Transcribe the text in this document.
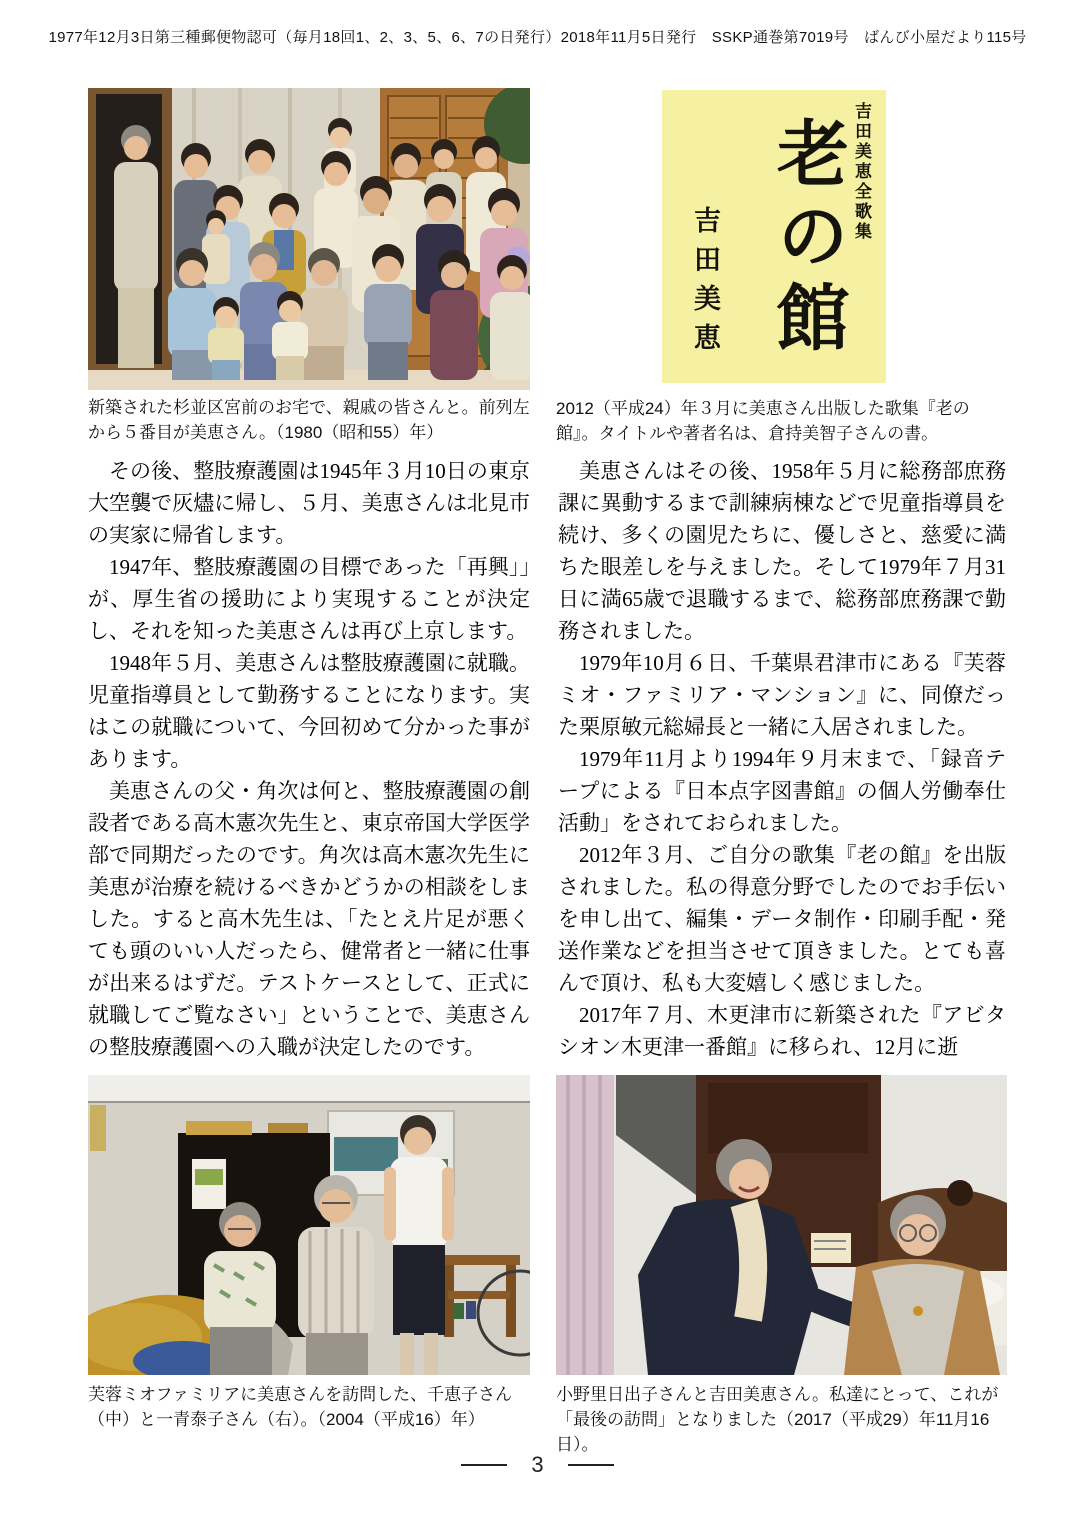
1977年12月3日第三種郵便物認可（毎月18回1、2、3、5、6、7の日発行）2018年11月5日発行　SSKP通巻第7019号　ばんび小屋だより115号
新築された杉並区宮前のお宅で、親戚の皆さんと。前列左から５番目が美恵さん。（1980（昭和55）年）
吉田美恵全歌集
老の館
吉田美恵
2012（平成24）年３月に美恵さん出版した歌集『老の館』。タイトルや著者名は、倉持美智子さんの書。

その後、整肢療護園は1945年３月10日の東京大空襲で灰燼に帰し、５月、美恵さんは北見市の実家に帰省します。

1947年、整肢療護園の目標であった「再興」」が、厚生省の援助により実現することが決定し、それを知った美恵さんは再び上京します。

1948年５月、美恵さんは整肢療護園に就職。児童指導員として勤務することになります。実はこの就職について、今回初めて分かった事があります。

美恵さんの父・角次は何と、整肢療護園の創設者である高木憲次先生と、東京帝国大学医学部で同期だったのです。角次は高木憲次先生に美恵が治療を続けるべきかどうかの相談をしました。すると高木先生は、「たとえ片足が悪くても頭のいい人だったら、健常者と一緒に仕事が出来るはずだ。テストケースとして、正式に就職してご覧なさい」ということで、美恵さんの整肢療護園への入職が決定したのです。

美恵さんはその後、1958年５月に総務部庶務課に異動するまで訓練病棟などで児童指導員を続け、多くの園児たちに、優しさと、慈愛に満ちた眼差しを与えました。そして1979年７月31日に満65歳で退職するまで、総務部庶務課で勤務されました。

1979年10月６日、千葉県君津市にある『芙蓉ミオ・ファミリア・マンション』に、同僚だった栗原敏元総婦長と一緒に入居されました。

1979年11月より1994年９月末まで、「録音テープによる『日本点字図書館』の個人労働奉仕活動」をされておられました。

2012年３月、ご自分の歌集『老の館』を出版されました。私の得意分野でしたのでお手伝いを申し出て、編集・データ制作・印刷手配・発送作業などを担当させて頂きました。とても喜んで頂け、私も大変嬉しく感じました。

2017年７月、木更津市に新築された『アビタシオン木更津一番館』に移られ、12月に逝

芙蓉ミオファミリアに美恵さんを訪問した、千恵子さん（中）と一青泰子さん（右）。（2004（平成16）年）
小野里日出子さんと吉田美恵さん。私達にとって、これが「最後の訪問」となりました（2017（平成29）年11月16日）。
3
